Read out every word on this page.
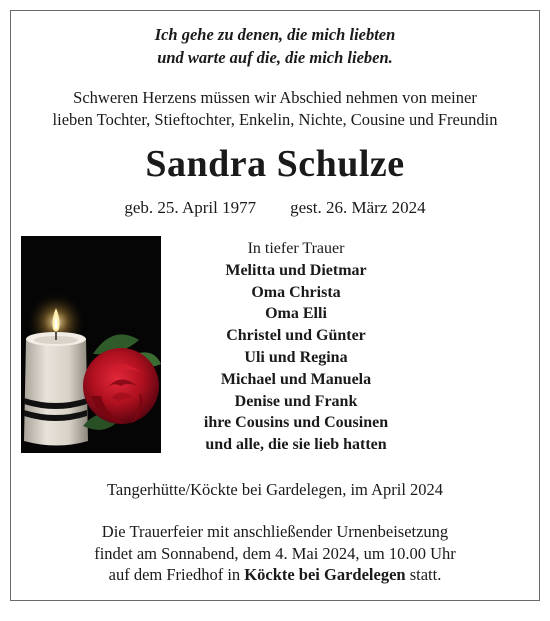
Ich gehe zu denen, die mich liebten
und warte auf die, die mich lieben.
Schweren Herzens müssen wir Abschied nehmen von meiner
lieben Tochter, Stieftochter, Enkelin, Nichte, Cousine und Freundin
Sandra Schulze
geb. 25. April 1977 gest. 26. März 2024
In tiefer Trauer
Melitta und Dietmar
Oma Christa
Oma Elli
Christel und Günter
Uli und Regina
Michael und Manuela
Denise und Frank
ihre Cousins und Cousinen
und alle, die sie lieb hatten
Tangerhütte/Köckte bei Gardelegen, im April 2024
Die Trauerfeier mit anschließender Urnenbeisetzung
findet am Sonnabend, dem 4. Mai 2024, um 10.00 Uhr
auf dem Friedhof in Köckte bei Gardelegen statt.
